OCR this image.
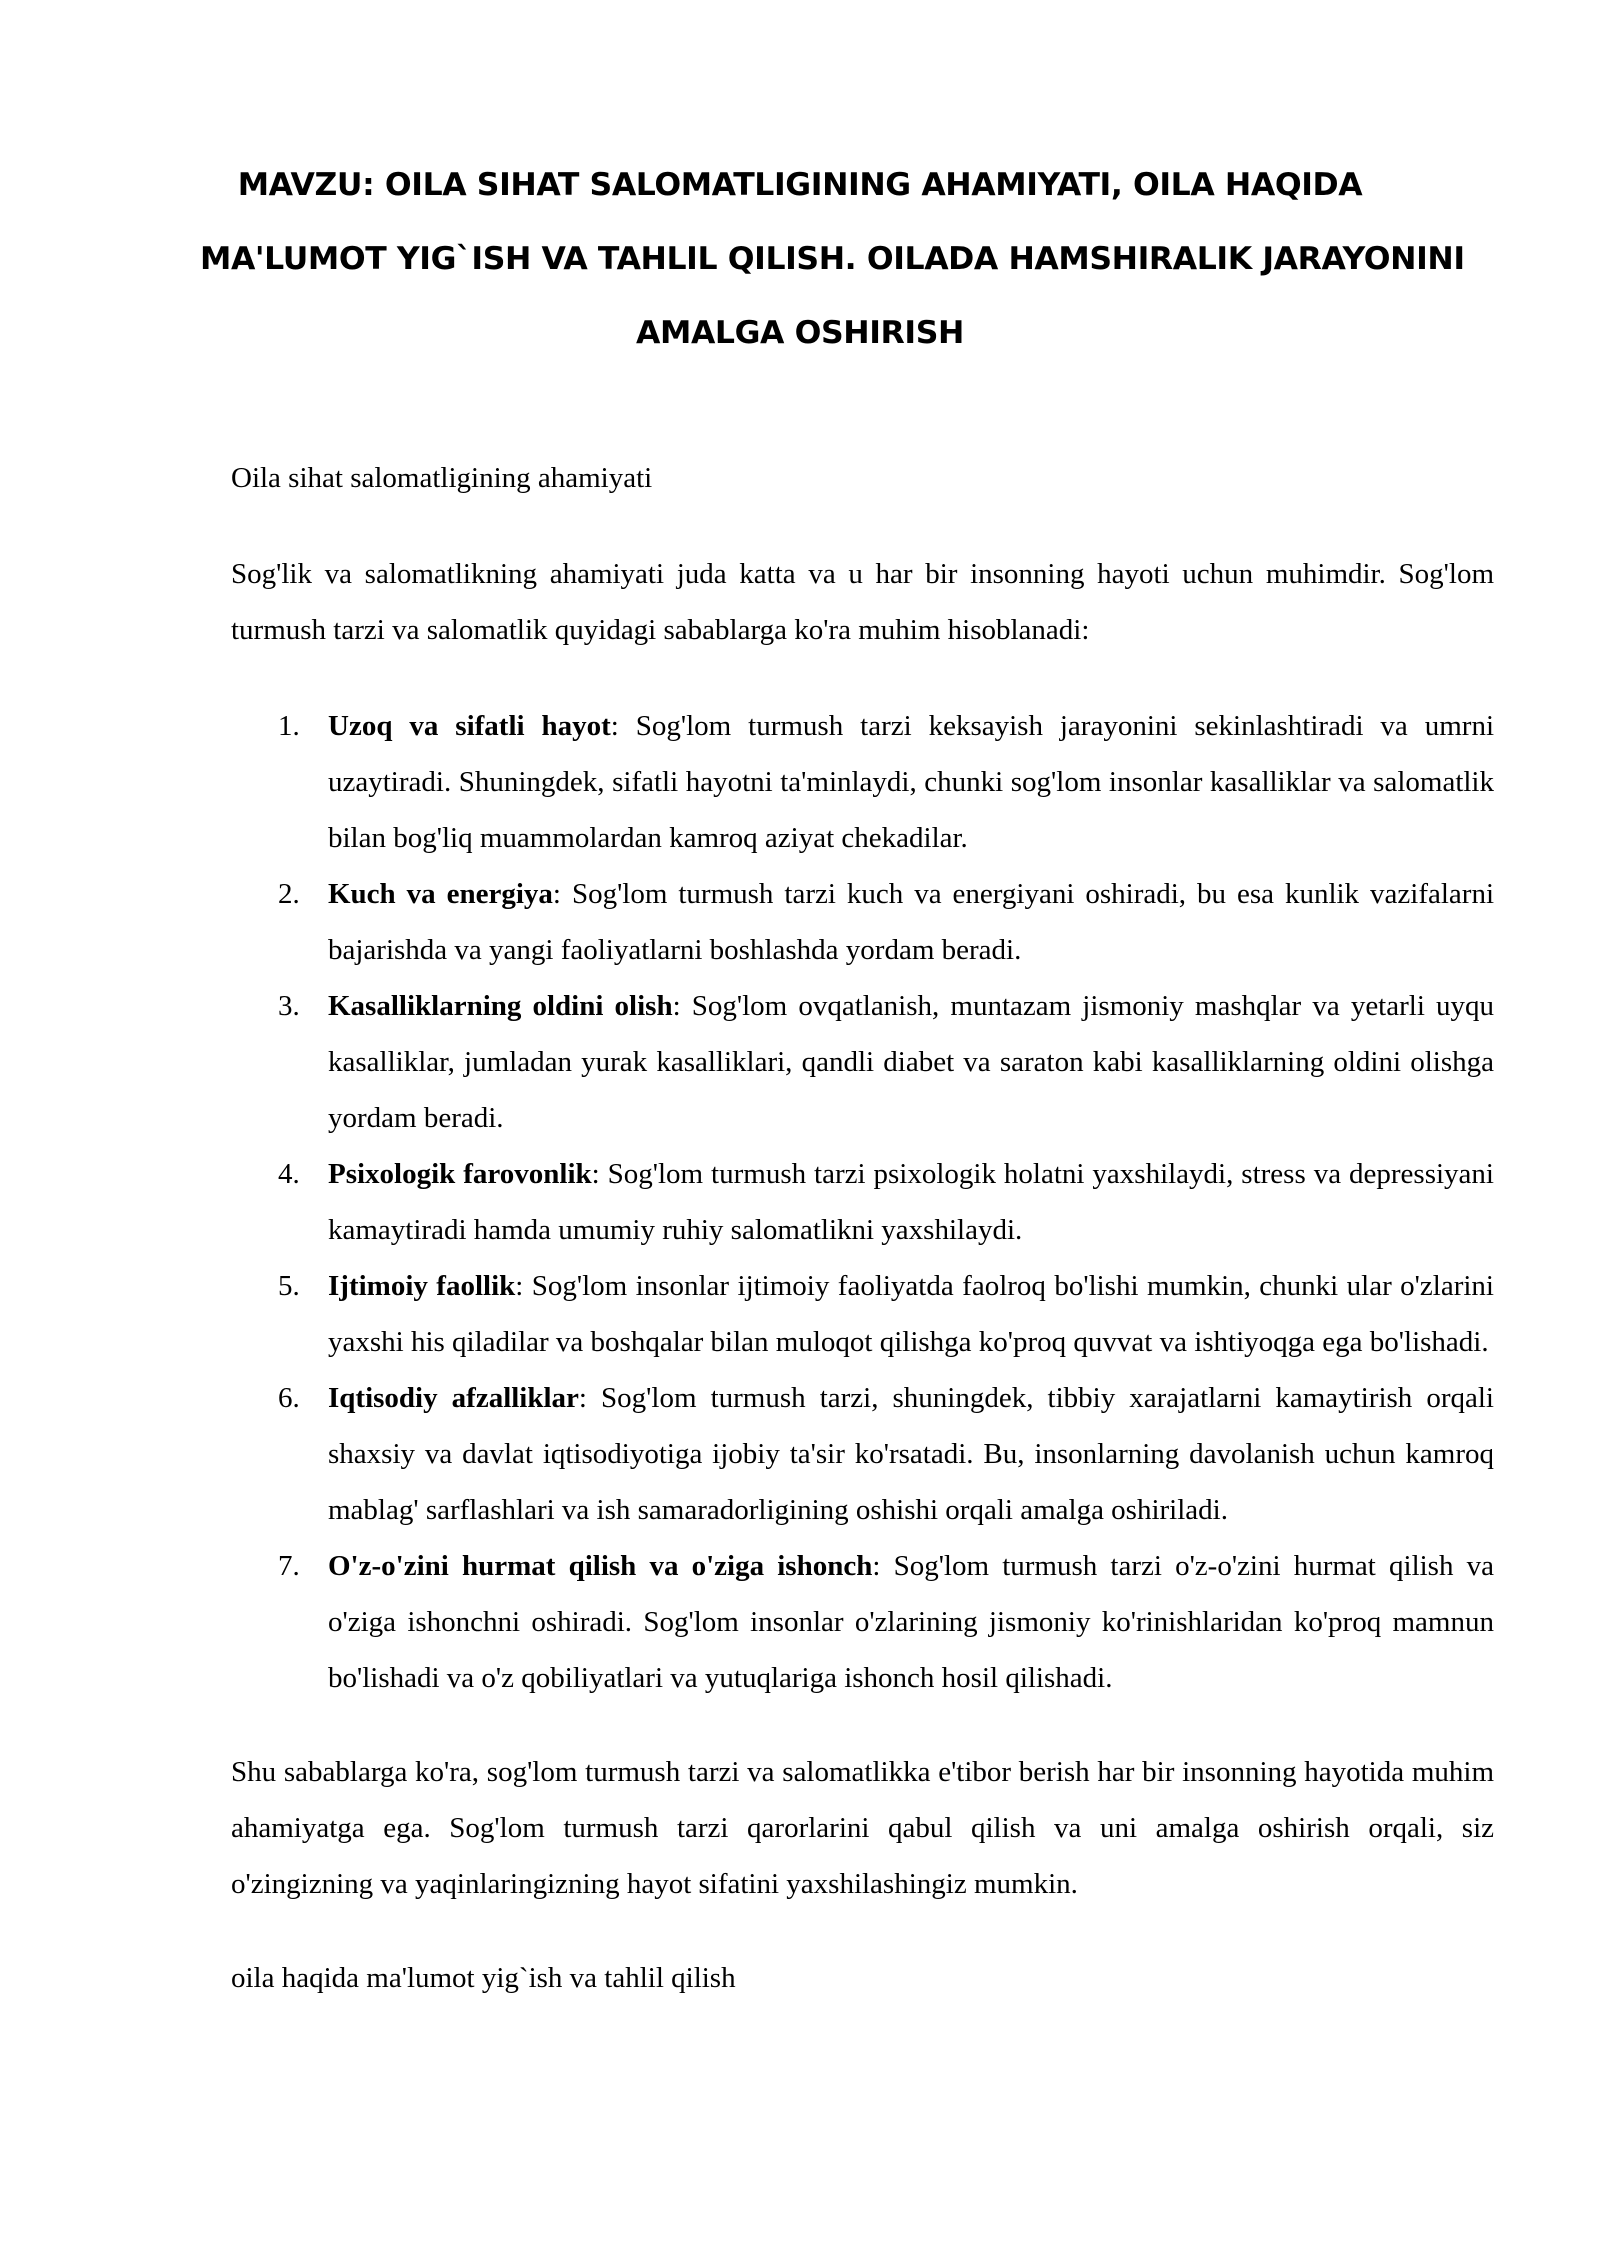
MAVZU: OILA SIHAT SALOMATLIGINING AHAMIYATI, OILA HAQIDA
MA'LUMOT YIG`ISH VA TAHLIL QILISH. OILADA HAMSHIRALIK JARAYONINI
AMALGA OSHIRISH

Oila sihat salomatligining ahamiyati

Sog'lik va salomatlikning ahamiyati juda katta va u har bir insonning hayoti uchun muhimdir. Sog'lom turmush tarzi va salomatlik quyidagi sabablarga ko'ra muhim hisoblanadi:

1. Uzoq va sifatli hayot: Sog'lom turmush tarzi keksayish jarayonini sekinlashtiradi va umrni uzaytiradi. Shuningdek, sifatli hayotni ta'minlaydi, chunki sog'lom insonlar kasalliklar va salomatlik bilan bog'liq muammolardan kamroq aziyat chekadilar.
2. Kuch va energiya: Sog'lom turmush tarzi kuch va energiyani oshiradi, bu esa kunlik vazifalarni bajarishda va yangi faoliyatlarni boshlashda yordam beradi.
3. Kasalliklarning oldini olish: Sog'lom ovqatlanish, muntazam jismoniy mashqlar va yetarli uyqu kasalliklar, jumladan yurak kasalliklari, qandli diabet va saraton kabi kasalliklarning oldini olishga yordam beradi.
4. Psixologik farovonlik: Sog'lom turmush tarzi psixologik holatni yaxshilaydi, stress va depressiyani kamaytiradi hamda umumiy ruhiy salomatlikni yaxshilaydi.
5. Ijtimoiy faollik: Sog'lom insonlar ijtimoiy faoliyatda faolroq bo'lishi mumkin, chunki ular o'zlarini yaxshi his qiladilar va boshqalar bilan muloqot qilishga ko'proq quvvat va ishtiyoqga ega bo'lishadi.
6. Iqtisodiy afzalliklar: Sog'lom turmush tarzi, shuningdek, tibbiy xarajatlarni kamaytirish orqali shaxsiy va davlat iqtisodiyotiga ijobiy ta'sir ko'rsatadi. Bu, insonlarning davolanish uchun kamroq mablag' sarflashlari va ish samaradorligining oshishi orqali amalga oshiriladi.
7. O'z-o'zini hurmat qilish va o'ziga ishonch: Sog'lom turmush tarzi o'z-o'zini hurmat qilish va o'ziga ishonchni oshiradi. Sog'lom insonlar o'zlarining jismoniy ko'rinishlaridan ko'proq mamnun bo'lishadi va o'z qobiliyatlari va yutuqlariga ishonch hosil qilishadi.

Shu sabablarga ko'ra, sog'lom turmush tarzi va salomatlikka e'tibor berish har bir insonning hayotida muhim ahamiyatga ega. Sog'lom turmush tarzi qarorlarini qabul qilish va uni amalga oshirish orqali, siz o'zingizning va yaqinlaringizning hayot sifatini yaxshilashingiz mumkin.

oila haqida ma'lumot yig`ish va tahlil qilish
